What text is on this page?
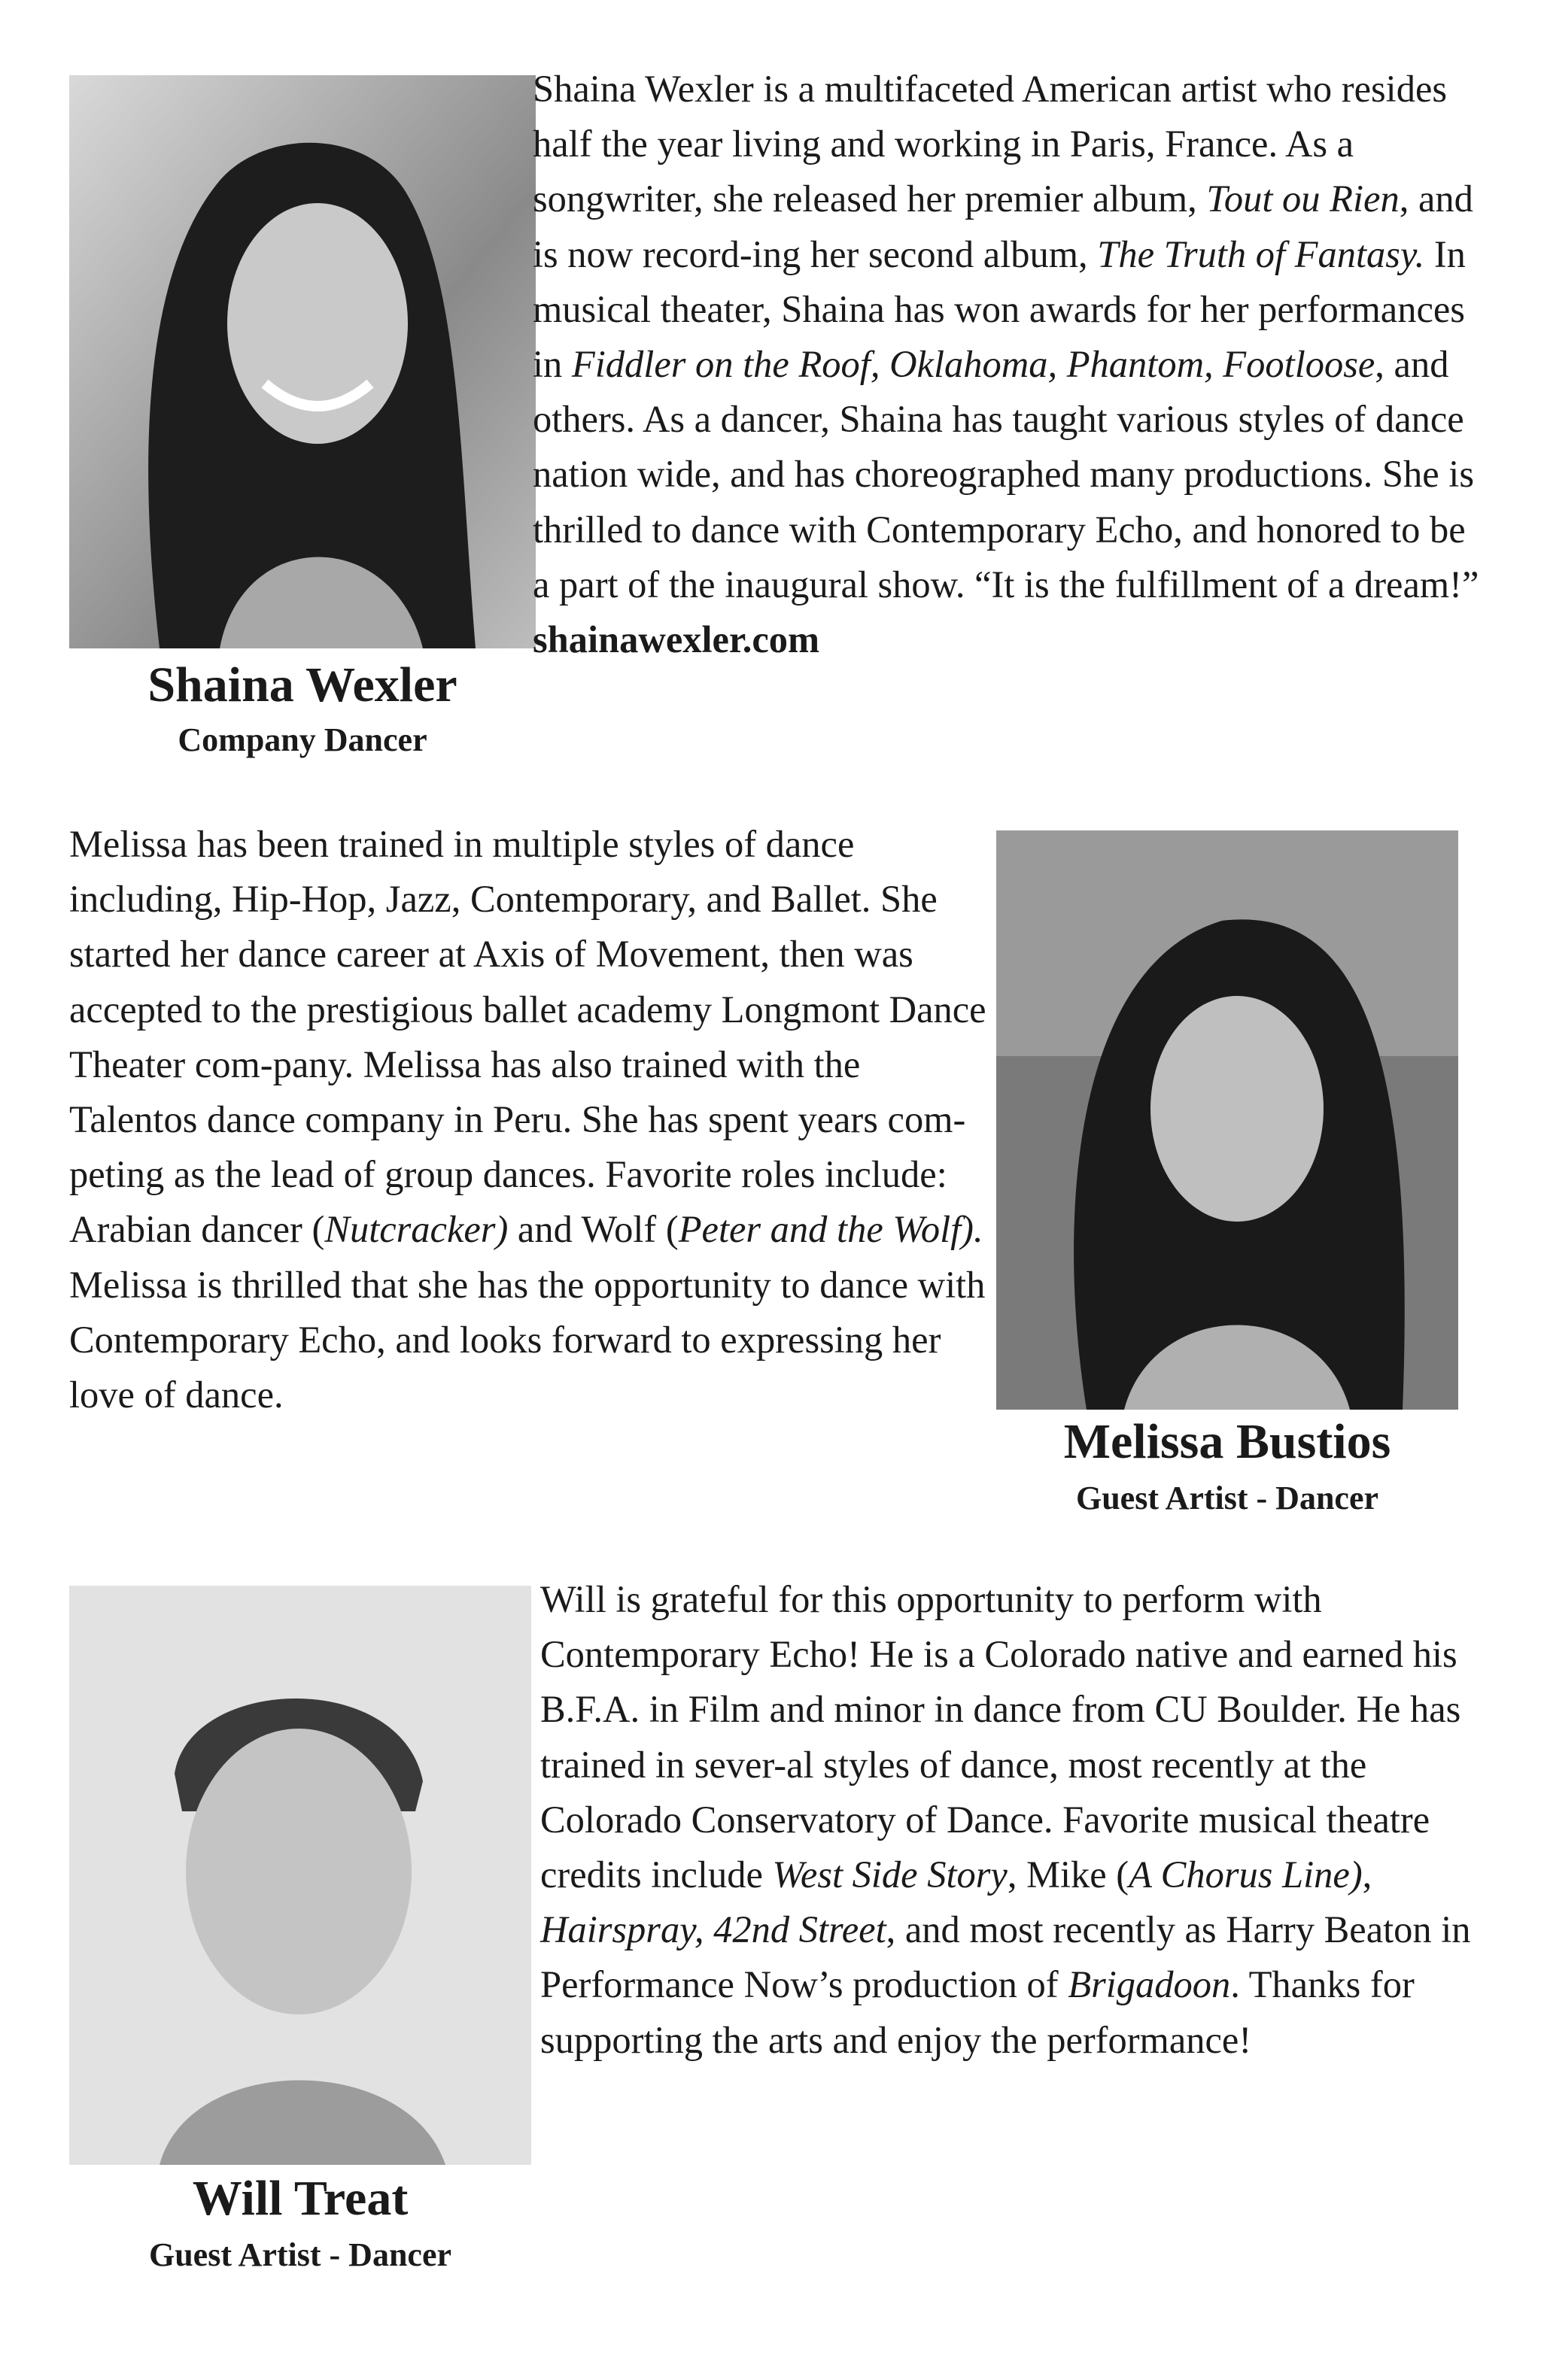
Shaina Wexler
Company Dancer

Shaina Wexler is a multifaceted American artist who resides half the year living and working in Paris, France. As a songwriter, she released her premier album, Tout ou Rien, and is now record-ing her second album, The Truth of Fantasy. In musical theater, Shaina has won awards for her performances in Fiddler on the Roof, Oklahoma, Phantom, Footloose, and others. As a dancer, Shaina has taught various styles of dance nation wide, and has choreographed many productions. She is thrilled to dance with Contemporary Echo, and honored to be a part of the inaugural show. “It is the fulfillment of a dream!” shainawexler.com

Melissa has been trained in multiple styles of dance including, Hip-Hop, Jazz, Contemporary, and Ballet. She started her dance career at Axis of Movement, then was accepted to the prestigious ballet academy Longmont Dance Theater com-pany. Melissa has also trained with the Talentos dance company in Peru. She has spent years com-peting as the lead of group dances. Favorite roles include: Arabian dancer (Nutcracker) and Wolf (Peter and the Wolf). Melissa is thrilled that she has the opportunity to dance with Contemporary Echo, and looks forward to expressing her love of dance.

Melissa Bustios
Guest Artist - Dancer
Will Treat
Guest Artist - Dancer

Will is grateful for this opportunity to perform with Contemporary Echo! He is a Colorado native and earned his B.F.A. in Film and minor in dance from CU Boulder. He has trained in sever-al styles of dance, most recently at the Colorado Conservatory of Dance. Favorite musical theatre credits include West Side Story, Mike (A Chorus Line), Hairspray, 42nd Street, and most recently as Harry Beaton in Performance Now’s production of Brigadoon. Thanks for supporting the arts and enjoy the performance!
